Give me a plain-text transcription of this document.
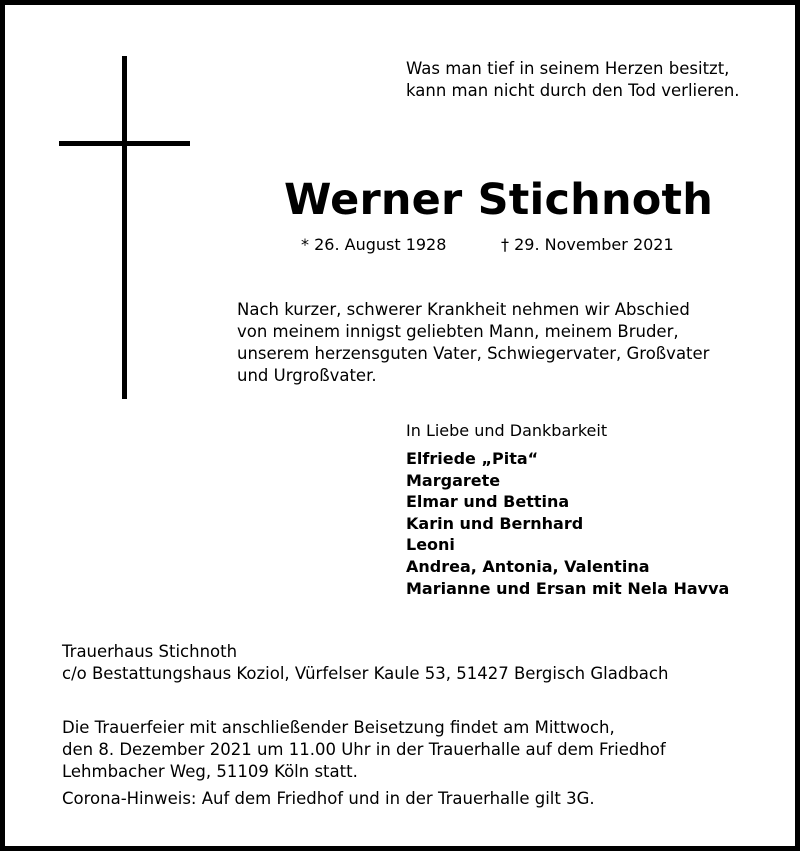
Was man tief in seinem Herzen besitzt,
kann man nicht durch den Tod verlieren.
Werner Stichnoth
* 26. August 1928	† 29. November 2021
Nach kurzer, schwerer Krankheit nehmen wir Abschied
von meinem innigst geliebten Mann, meinem Bruder,
unserem herzensguten Vater, Schwiegervater, Großvater
und Urgroßvater.
In Liebe und Dankbarkeit
Elfriede „Pita“
Margarete
Elmar und Bettina
Karin und Bernhard
Leoni
Andrea, Antonia, Valentina
Marianne und Ersan mit Nela Havva
Trauerhaus Stichnoth
c/o Bestattungshaus Koziol, Vürfelser Kaule 53, 51427 Bergisch Gladbach
Die Trauerfeier mit anschließender Beisetzung findet am Mittwoch,
den 8. Dezember 2021 um 11.00 Uhr in der Trauerhalle auf dem Friedhof
Lehmbacher Weg, 51109 Köln statt.
Corona-Hinweis: Auf dem Friedhof und in der Trauerhalle gilt 3G.
